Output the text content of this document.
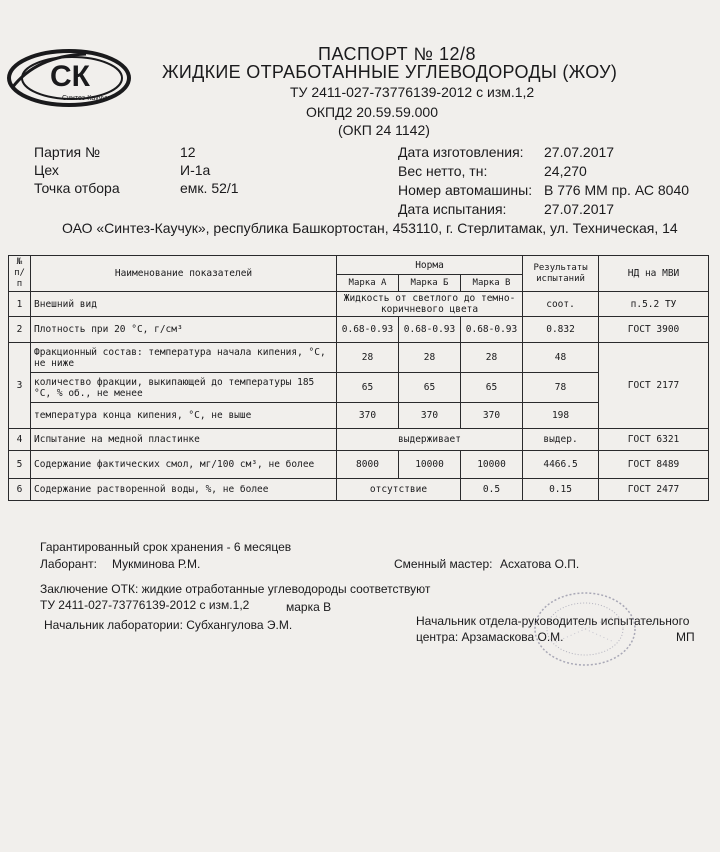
СК
Синтез-Каучук
ПАСПОРТ № 12/8
ЖИДКИЕ ОТРАБОТАННЫЕ УГЛЕВОДОРОДЫ (ЖОУ)
ТУ 2411-027-73776139-2012 с изм.1,2
ОКПД2 20.59.59.000
(ОКП 24 1142)
Партия №	12
Цех	И-1а
Точка отбора	емк. 52/1
Дата изготовления: 27.07.2017
Вес нетто, тн:	24,270
Номер автомашины: В 776 ММ пр. АС 8040
Дата испытания:	27.07.2017
ОАО «Синтез-Каучук», республика Башкортостан, 453110, г. Стерлитамак, ул. Техническая, 14
№ п/п	Наименование показателей	Норма			Результаты испытаний	НД на МВИ
		Марка А	Марка Б	Марка В		
1	Внешний вид	Жидкость от светлого до темно-коричневого цвета			соот.	п.5.2 ТУ
2	Плотность при 20 °С, г/см³	0.68-0.93	0.68-0.93	0.68-0.93	0.832	ГОСТ 3900
3	Фракционный состав: температура начала кипения, °С, не ниже	28	28	28	48	ГОСТ 2177
	количество фракции, выкипающей до температуры 185 °С, % об., не менее	65	65	65	78	
	температура конца кипения, °С, не выше	370	370	370	198	
4	Испытание на медной пластинке	выдерживает			выдер.	ГОСТ 6321
5	Содержание фактических смол, мг/100 см³, не более	8000	10000	10000	4466.5	ГОСТ 8489
6	Содержание растворенной воды, %, не более	отсутствие		0.5	0.15	ГОСТ 2477
Гарантированный срок хранения - 6 месяцев
Лаборант: Мукминова Р.М.	Сменный мастер: Асхатова О.П.
Заключение ОТК: жидкие отработанные углеводороды соответствуют
ТУ 2411-027-73776139-2012 с изм.1,2	марка В
Начальник лаборатории: Субхангулова Э.М.	Начальник отдела-руководитель испытательного
центра: Арзамаскова О.М.	МП
